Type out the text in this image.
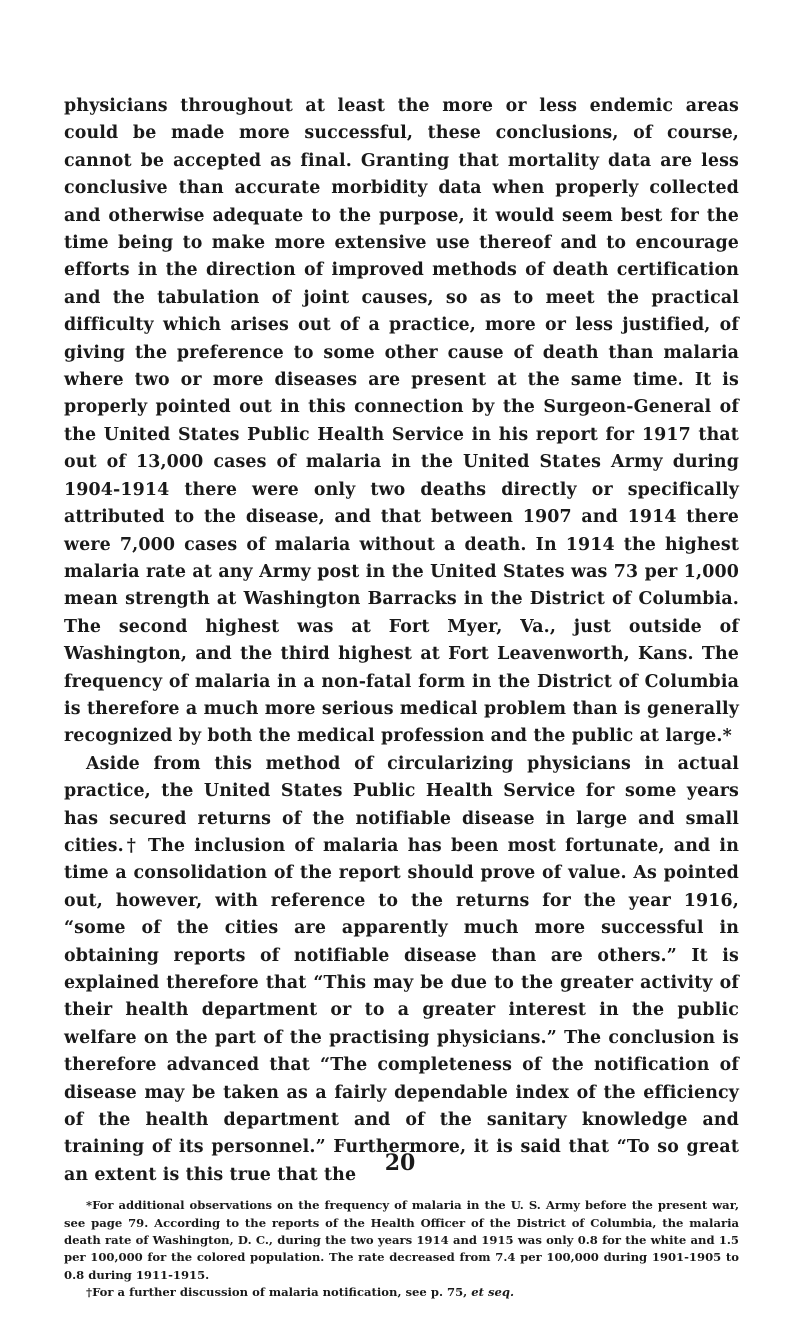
physicians throughout at least the more or less endemic areas could be made more successful, these conclusions, of course, cannot be accepted as final. Granting that mortality data are less conclusive than accurate morbidity data when properly collected and otherwise adequate to the purpose, it would seem best for the time being to make more extensive use thereof and to encourage efforts in the direction of improved methods of death certification and the tabulation of joint causes, so as to meet the practical difficulty which arises out of a practice, more or less justified, of giving the preference to some other cause of death than malaria where two or more diseases are present at the same time. It is properly pointed out in this connection by the Surgeon-General of the United States Public Health Service in his report for 1917 that out of 13,000 cases of malaria in the United States Army during 1904-1914 there were only two deaths directly or specifically attributed to the disease, and that between 1907 and 1914 there were 7,000 cases of malaria without a death. In 1914 the highest malaria rate at any Army post in the United States was 73 per 1,000 mean strength at Washington Barracks in the District of Columbia. The second highest was at Fort Myer, Va., just outside of Washington, and the third highest at Fort Leavenworth, Kans. The frequency of malaria in a non-fatal form in the District of Columbia is therefore a much more serious medical problem than is generally recognized by both the medical profession and the public at large.*

Aside from this method of circularizing physicians in actual practice, the United States Public Health Service for some years has secured returns of the notifiable disease in large and small cities.† The inclusion of malaria has been most fortunate, and in time a consolidation of the report should prove of value. As pointed out, however, with reference to the returns for the year 1916, “some of the cities are apparently much more successful in obtaining reports of notifiable disease than are others.” It is explained therefore that “This may be due to the greater activity of their health department or to a greater interest in the public welfare on the part of the practising physicians.” The conclusion is therefore advanced that “The completeness of the notification of disease may be taken as a fairly dependable index of the efficiency of the health department and of the sanitary knowledge and training of its personnel.” Furthermore, it is said that “To so great an extent is this true that the

*For additional observations on the frequency of malaria in the U. S. Army before the present war, see page 79. According to the reports of the Health Officer of the District of Columbia, the malaria death rate of Washington, D. C., during the two years 1914 and 1915 was only 0.8 for the white and 1.5 per 100,000 for the colored population. The rate decreased from 7.4 per 100,000 during 1901-1905 to 0.8 during 1911-1915.

†For a further discussion of malaria notification, see p. 75, et seq.

20
